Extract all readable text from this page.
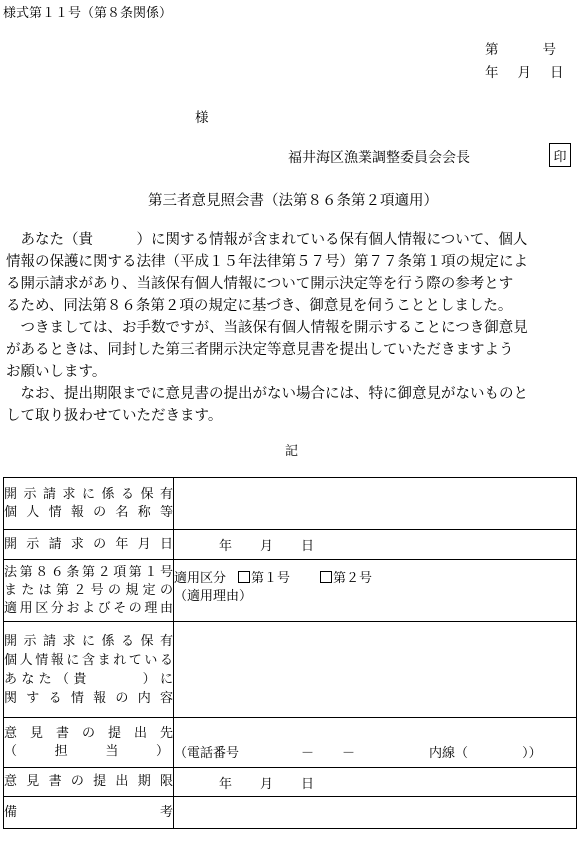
様式第１１号（第８条関係）
第	号
年 月 日
様
福井海区漁業調整委員会会長	印
第三者意見照会書（法第８６条第２項適用）

　あなた（貴　　　）に関する情報が含まれている保有個人情報について、個人

情報の保護に関する法律（平成１５年法律第５７号）第７７条第１項の規定によ

る開示請求があり、当該保有個人情報について開示決定等を行う際の参考とす

るため、同法第８６条第２項の規定に基づき、御意見を伺うこととしました。

　つきましては、お手数ですが、当該保有個人情報を開示することにつき御意見

があるときは、同封した第三者開示決定等意見書を提出していただきますよう

お願いします。

　なお、提出期限までに意見書の提出がない場合には、特に御意見がないものと

して取り扱わせていただきます。

記
開示請求に係る保有
個人情報の名称等	

開示請求の年月日	年 月 日

法第８６条第２項第１号
または第２号の規定の
適用区分およびその理由	適用区分 第１号 第２号
（適用理由）

開示請求に係る保有
個人情報に含まれている
あなた（貴　　　）に
関する情報の内容	

意見書の提出先
（ 担 当 ）	（電話番号 － － 内線（ ））

意見書の提出期限	年 月 日

備 考	
